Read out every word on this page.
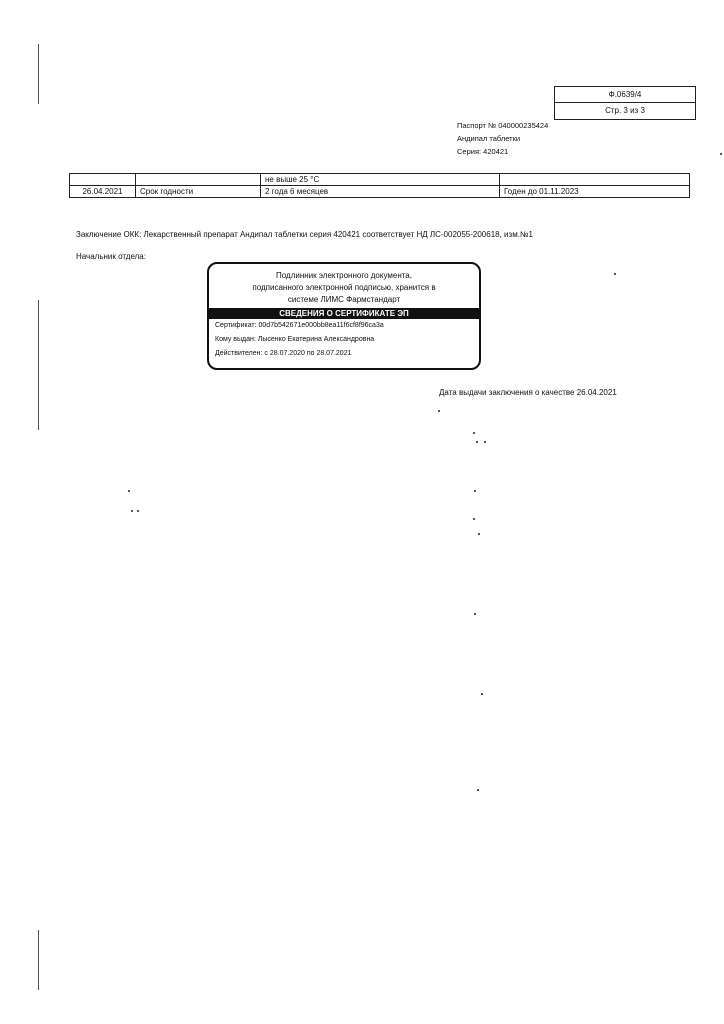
Ф.0639/4
Стр. 3 из 3
Паспорт № 040000235424
Андипал таблетки
Серия: 420421
		не выше 25 °С	
26.04.2021	Срок годности	2 года 6 месяцев	Годен до 01.11.2023
Заключение ОКК: Лекарственный препарат Андипал таблетки серия 420421 соответствует НД ЛС-002055-200618, изм.№1
Начальник отдела:
Подлинник электронного документа,
подписанного электронной подписью, хранится в
системе ЛИМС Фармстандарт
СВЕДЕНИЯ О СЕРТИФИКАТЕ ЭП
Сертификат: 00d7b542671e000bb8ea11f6cf8f96ca3a
Кому выдан: Лысенко Екатерина Александровна
Действителен: с 28.07.2020 по 28.07.2021
Дата выдачи заключения о качестве 26.04.2021
